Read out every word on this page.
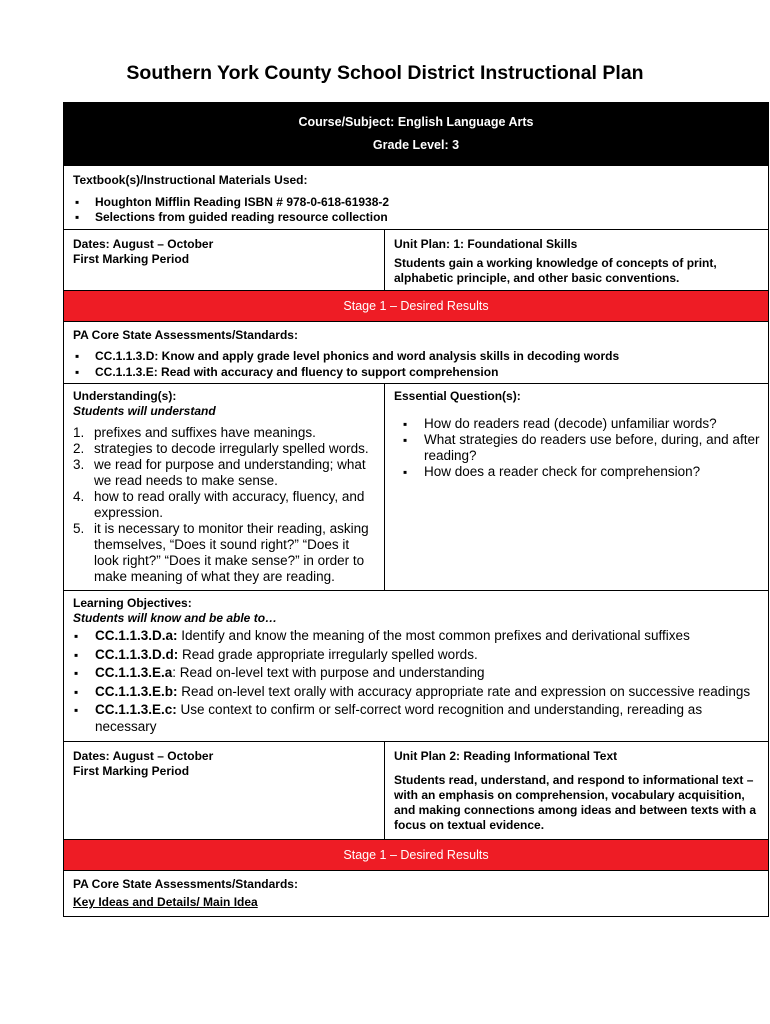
Southern York County School District Instructional Plan
Course/Subject: English Language Arts
Grade Level: 3
Textbook(s)/Instructional Materials Used:
▪ Houghton Mifflin Reading ISBN # 978-0-618-61938-2
▪ Selections from guided reading resource collection
Dates: August – October
First Marking Period
Unit Plan: 1: Foundational Skills
Students gain a working knowledge of concepts of print, alphabetic principle, and other basic conventions.
Stage 1 – Desired Results
PA Core State Assessments/Standards:
▪ CC.1.1.3.D: Know and apply grade level phonics and word analysis skills in decoding words
▪ CC.1.1.3.E: Read with accuracy and fluency to support comprehension
Understanding(s):
Students will understand
1. prefixes and suffixes have meanings.
2. strategies to decode irregularly spelled words.
3. we read for purpose and understanding; what we read needs to make sense.
4. how to read orally with accuracy, fluency, and expression.
5. it is necessary to monitor their reading, asking themselves, “Does it sound right?” “Does it look right?” “Does it make sense?” in order to make meaning of what they are reading.
Essential Question(s):
▪ How do readers read (decode) unfamiliar words?
▪ What strategies do readers use before, during, and after reading?
▪ How does a reader check for comprehension?
Learning Objectives:
Students will know and be able to…
▪ CC.1.1.3.D.a: Identify and know the meaning of the most common prefixes and derivational suffixes
▪ CC.1.1.3.D.d: Read grade appropriate irregularly spelled words.
▪ CC.1.1.3.E.a: Read on-level text with purpose and understanding
▪ CC.1.1.3.E.b: Read on-level text orally with accuracy appropriate rate and expression on successive readings
▪ CC.1.1.3.E.c: Use context to confirm or self-correct word recognition and understanding, rereading as necessary
Dates: August – October
First Marking Period
Unit Plan 2: Reading Informational Text
Students read, understand, and respond to informational text – with an emphasis on comprehension, vocabulary acquisition, and making connections among ideas and between texts with a focus on textual evidence.
Stage 1 – Desired Results
PA Core State Assessments/Standards:
Key Ideas and Details/ Main Idea
